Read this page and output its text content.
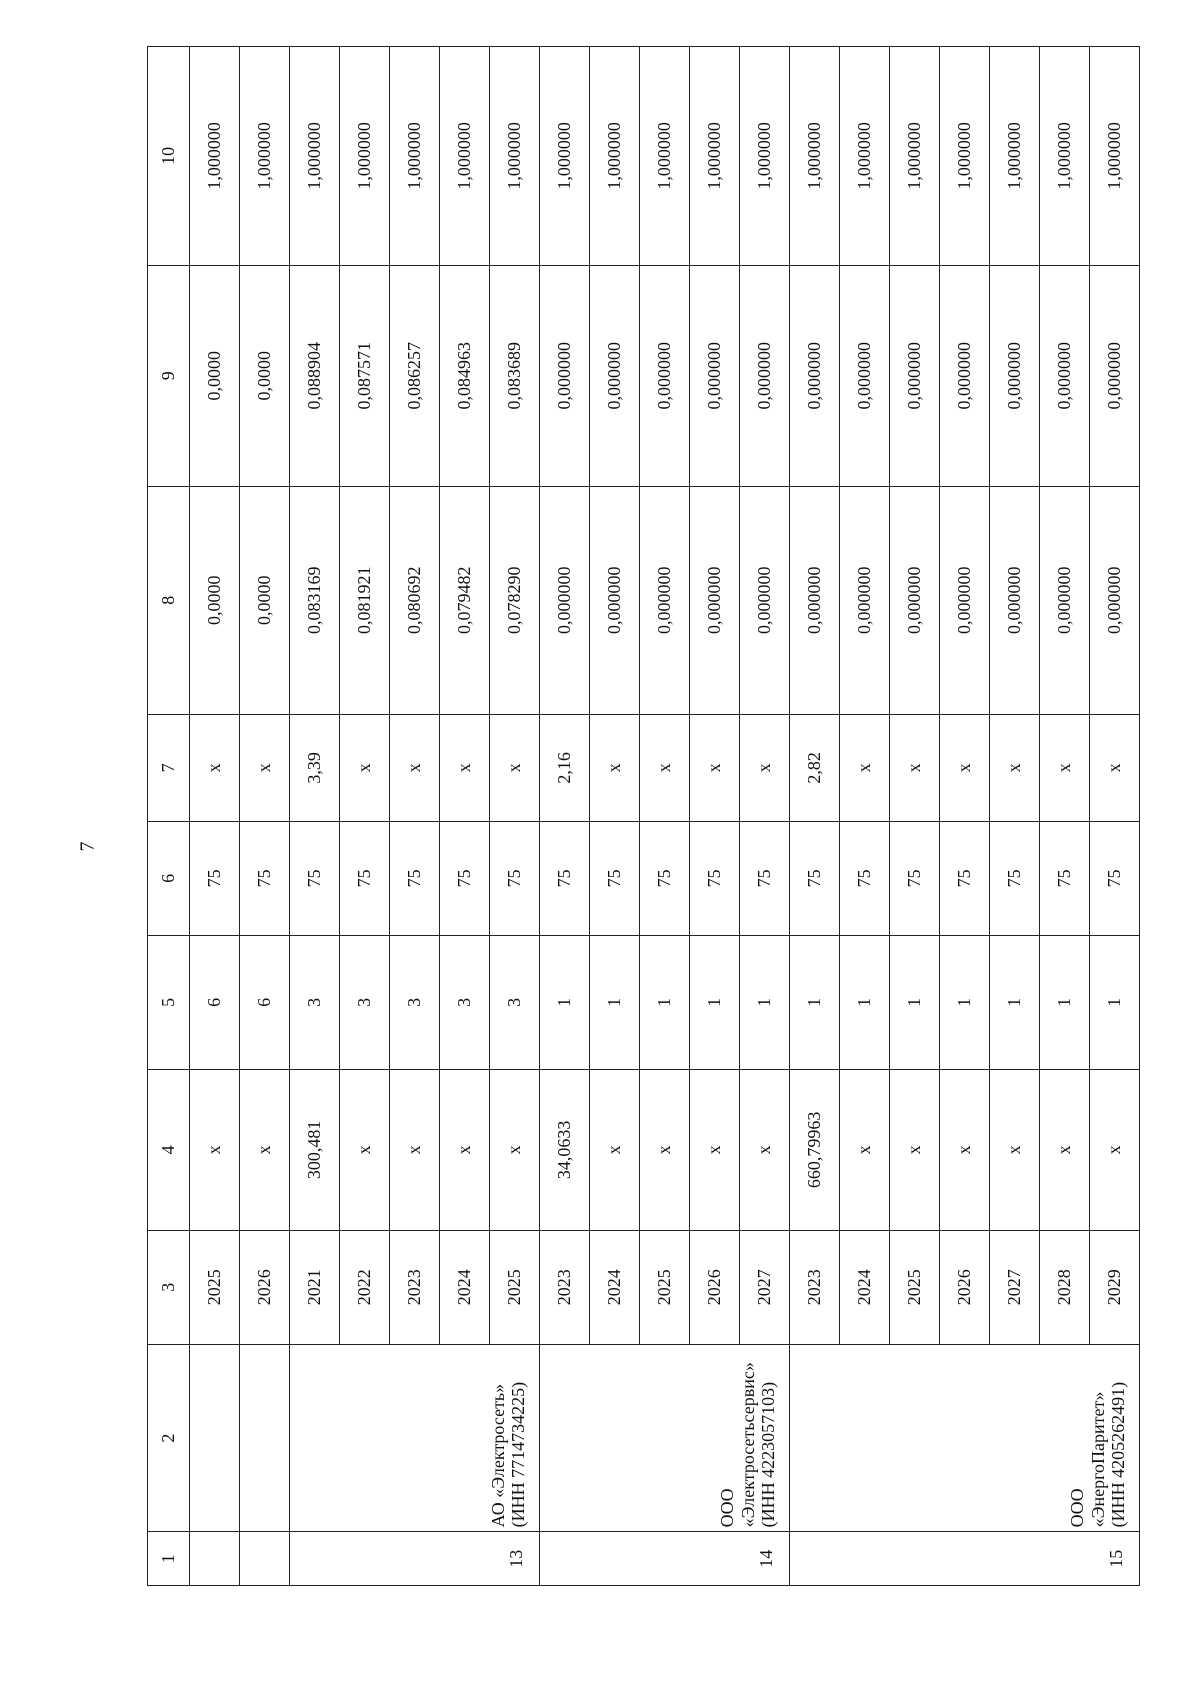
7
1	2	3	4	5	6	7	8	9	10
		2025	x	6	75	x	0,0000	0,0000	1,000000
		2026	x	6	75	x	0,0000	0,0000	1,000000
13	АО «Электросеть» (ИНН 7714734225)	2021	300,481	3	75	3,39	0,083169	0,088904	1,000000
		2022	x	3	75	x	0,081921	0,087571	1,000000
		2023	x	3	75	x	0,080692	0,086257	1,000000
		2024	x	3	75	x	0,079482	0,084963	1,000000
		2025	x	3	75	x	0,078290	0,083689	1,000000
14	ООО «Электросетьсервис» (ИНН 4223057103)	2023	34,0633	1	75	2,16	0,000000	0,000000	1,000000
		2024	x	1	75	x	0,000000	0,000000	1,000000
		2025	x	1	75	x	0,000000	0,000000	1,000000
		2026	x	1	75	x	0,000000	0,000000	1,000000
		2027	x	1	75	x	0,000000	0,000000	1,000000
15	ООО «ЭнергоПаритет» (ИНН 4205262491)	2023	660,79963	1	75	2,82	0,000000	0,000000	1,000000
		2024	x	1	75	x	0,000000	0,000000	1,000000
		2025	x	1	75	x	0,000000	0,000000	1,000000
		2026	x	1	75	x	0,000000	0,000000	1,000000
		2027	x	1	75	x	0,000000	0,000000	1,000000
		2028	x	1	75	x	0,000000	0,000000	1,000000
		2029	x	1	75	x	0,000000	0,000000	1,000000
